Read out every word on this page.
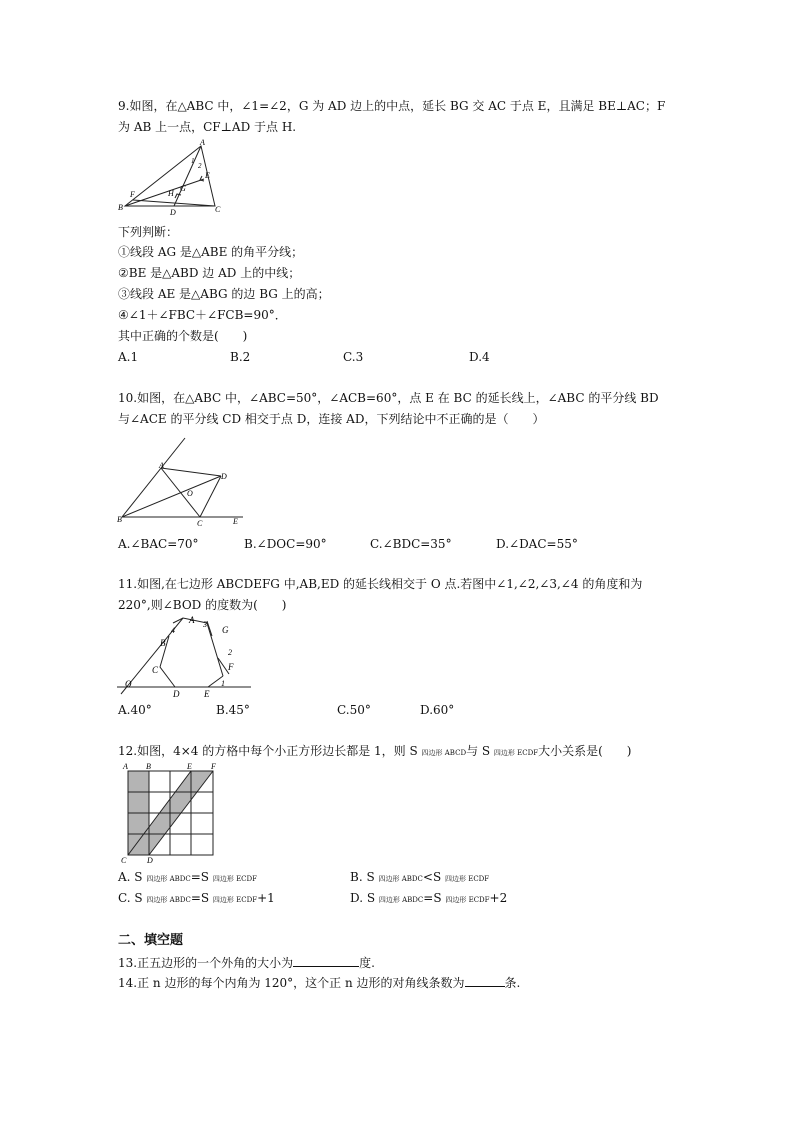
9.如图，在△ABC 中，∠1=∠2，G 为 AD 边上的中点，延长 BG 交 AC 于点 E，且满足 BE⊥AC；F
为 AB 上一点，CF⊥AD 于点 H.
A
B	C
D
E
F
G
H
1
2
下列判断：
①线段 AG 是△ABE 的角平分线；
②BE 是△ABD 边 AD 上的中线；
③线段 AE 是△ABG 的边 BG 上的高；
④∠1＋∠FBC＋∠FCB=90°．
其中正确的个数是(　　)
A.1	B.2	C.3	D.4
10.如图，在△ABC 中，∠ABC=50°，∠ACB=60°，点 E 在 BC 的延长线上，∠ABC 的平分线 BD
与∠ACE 的平分线 CD 相交于点 D，连接 AD，下列结论中不正确的是（　　）
A
B	C
D
O
E
A.∠BAC=70°	B.∠DOC=90°	C.∠BDC=35°	D.∠DAC=55°
11.如图,在七边形 ABCDEFG 中,AB,ED 的延长线相交于 O 点.若图中∠1,∠2,∠3,∠4 的角度和为
220°,则∠BOD 的度数为(　　)
A
B
C
D	E
F
G
O	1
2
3
4
A.40°	B.45°	C.50°	D.60°
12.如图，4×4 的方格中每个小正方形边长都是 1，则 S 四边形 ABCD与 S 四边形 ECDF大小关系是(　　)
A B	E F
C	D
A. S 四边形 ABDC=S 四边形 ECDF	B. S 四边形 ABDC<S 四边形 ECDF
C. S 四边形 ABDC=S 四边形 ECDF+1	D. S 四边形 ABDC=S 四边形 ECDF+2
二、填空题
13.正五边形的一个外角的大小为	度.
14.正 n 边形的每个内角为 120°，这个正 n 边形的对角线条数为	条.
